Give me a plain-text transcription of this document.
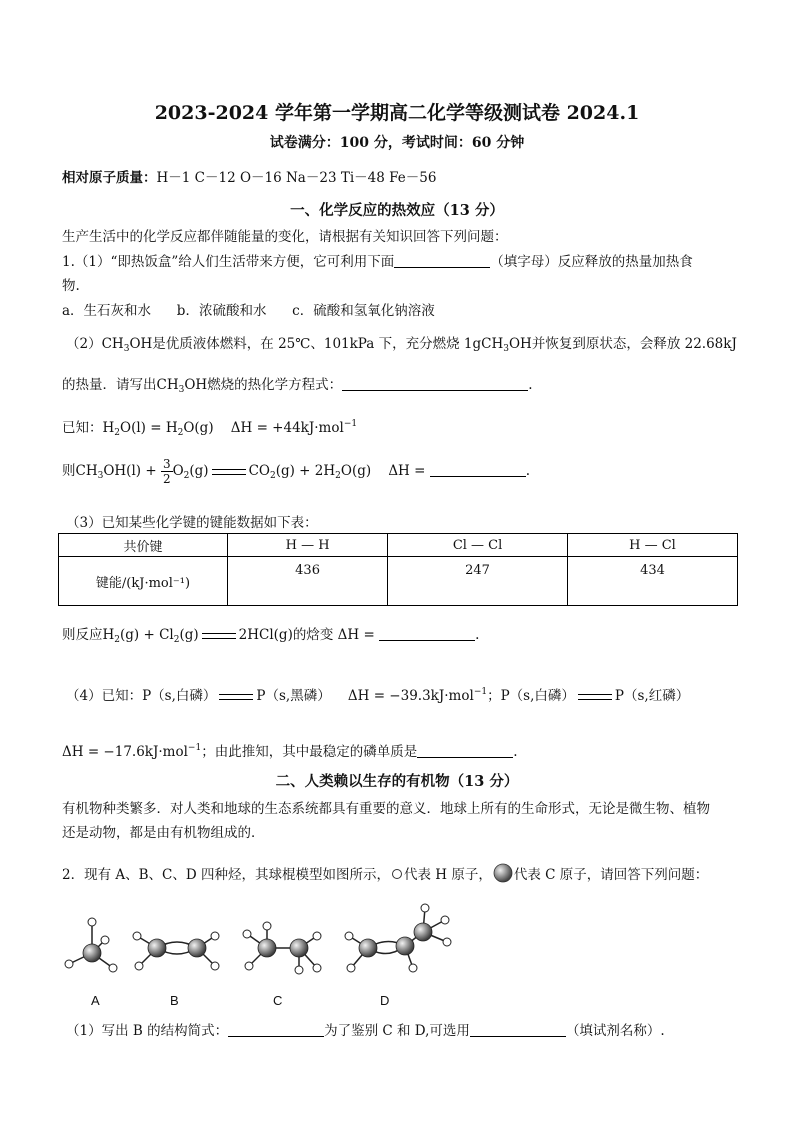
2023-2024 学年第一学期高二化学等级测试卷 2024.1
试卷满分：100 分，考试时间：60 分钟
相对原子质量：H－1 C－12 O－16 Na－23 Ti－48 Fe－56
一、化学反应的热效应（13 分）
生产生活中的化学反应都伴随能量的变化，请根据有关知识回答下列问题：
1.（1）“即热饭盒”给人们生活带来方便，它可利用下面	（填字母）反应释放的热量加热食
物.
a．生石灰和水      b．浓硫酸和水      c．硫酸和氢氧化钠溶液
$(2)CH_3OH$是优质液体燃料，在 25℃、101kPa 下，充分燃烧 1gCH$_3$OH并恢复到原状态，会释放 22.68kJ
的热量．请写出$CH_3OH$燃烧的热化学方程式：	.
已知：$H_2O(l) = H_2O(g)$    ΔH = +44kJ·mol$^{-1}$
则$CH_3OH(l) + \frac{3}{2} O_2(g)$	$CO_2(g) + 2H_2O(g)$    ΔH =	.
（3）已知某些化学键的键能数据如下表：
共价键	H — H	Cl — Cl	H — Cl
键能/(kJ·mol⁻¹)	436	247	434
则反应$H_2(g) + Cl_2(g)$	2HCl(g)的焓变 ΔH =	.
（4）已知：P（s,白磷）	P（s,黑磷） ΔH = −39.3kJ·mol$^{-1}$；P（s,白磷）	P（s,红磷）
ΔH = −17.6kJ·mol$^{-1}$；由此推知，其中最稳定的磷单质是	.
二、人类赖以生存的有机物（13 分）
有机物种类繁多．对人类和地球的生态系统都具有重要的意义．地球上所有的生命形式，无论是微生物、植物
还是动物，都是由有机物组成的．
2．现有 A、B、C、D 四种烃，其球棍模型如图所示， 代表 H 原子， 代表 C 原子，请回答下列问题：
A	B	C	D
（1）写出 B 的结构简式：	为了鉴别 C 和 D,可选用	（填试剂名称）.
